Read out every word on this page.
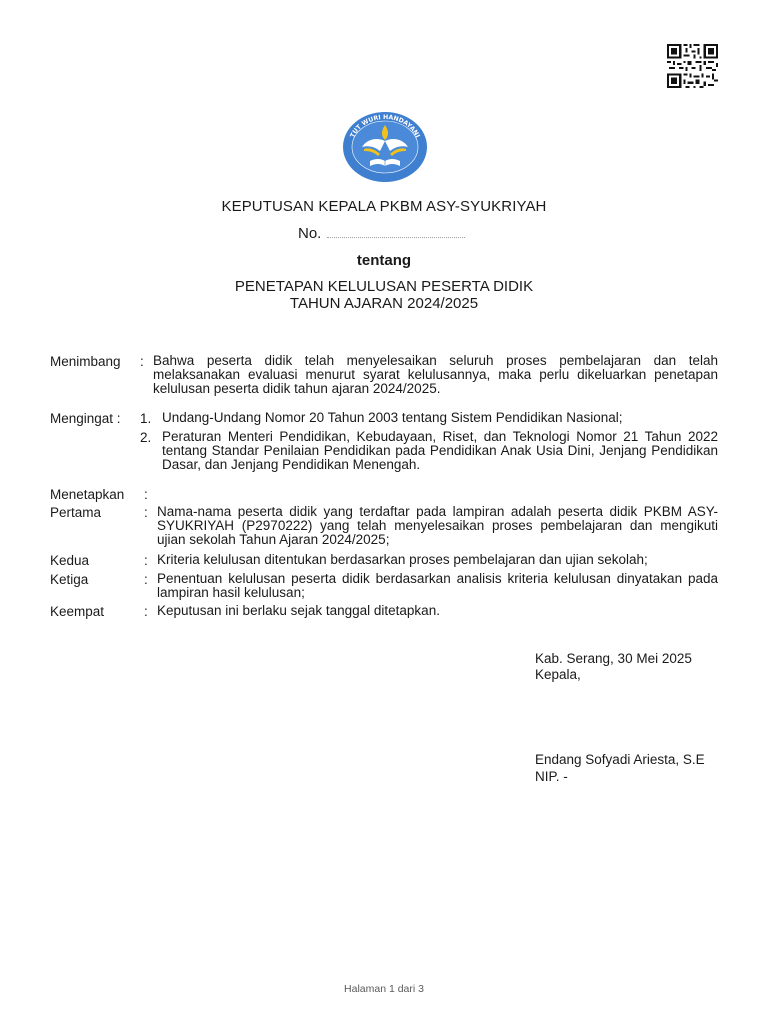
TUT WURI HANDAYANI
KEPUTUSAN KEPALA PKBM ASY-SYUKRIYAH
No.
tentang
PENETAPAN KELULUSAN PESERTA DIDIK
TAHUN AJARAN 2024/2025
Menimbang : Bahwa peserta didik telah menyelesaikan seluruh proses pembelajaran dan telah melaksanakan evaluasi menurut syarat kelulusannya, maka perlu dikeluarkan penetapan kelulusan peserta didik tahun ajaran 2024/2025.
Mengingat : 1. Undang-Undang Nomor 20 Tahun 2003 tentang Sistem Pendidikan Nasional;
2. Peraturan Menteri Pendidikan, Kebudayaan, Riset, dan Teknologi Nomor 21 Tahun 2022 tentang Standar Penilaian Pendidikan pada Pendidikan Anak Usia Dini, Jenjang Pendidikan Dasar, dan Jenjang Pendidikan Menengah.
Menetapkan :
Pertama	: Nama-nama peserta didik yang terdaftar pada lampiran adalah peserta didik PKBM ASY- SYUKRIYAH (P2970222) yang telah menyelesaikan proses pembelajaran dan mengikuti ujian sekolah Tahun Ajaran 2024/2025;
Kedua	: Kriteria kelulusan ditentukan berdasarkan proses pembelajaran dan ujian sekolah;
Ketiga	: Penentuan kelulusan peserta didik berdasarkan analisis kriteria kelulusan dinyatakan pada lampiran hasil kelulusan;
Keempat	: Keputusan ini berlaku sejak tanggal ditetapkan.
Kab. Serang, 30 Mei 2025
Kepala,
Endang Sofyadi Ariesta, S.E
NIP. -
Halaman 1 dari 3
